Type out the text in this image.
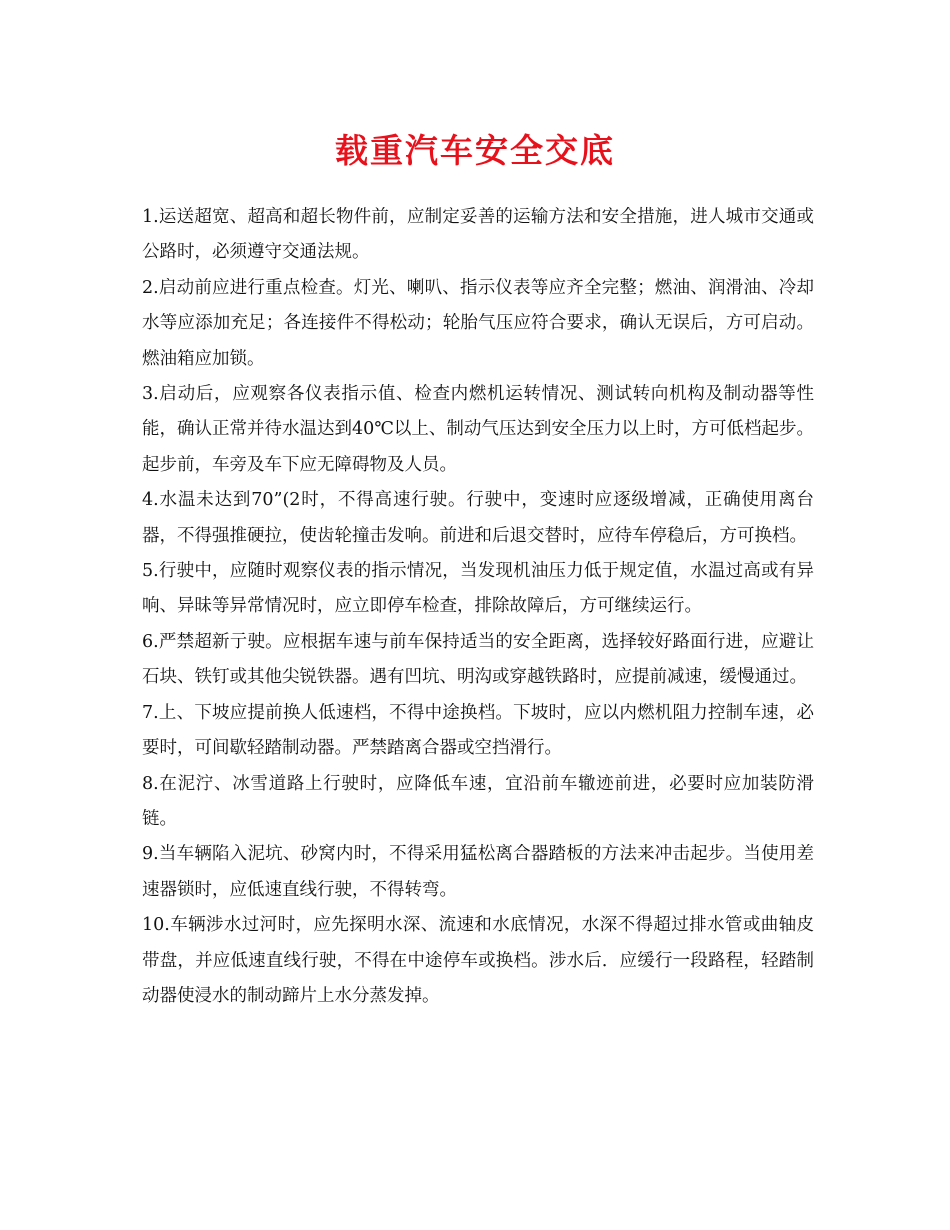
载重汽车安全交底

1.运送超宽、超高和超长物件前，应制定妥善的运输方法和安全措施，进人城市交通或公路时，必须遵守交通法规。

2.启动前应进行重点检查。灯光、喇叭、指示仪表等应齐全完整；燃油、润滑油、冷却水等应添加充足；各连接件不得松动；轮胎气压应符合要求，确认无误后，方可启动。燃油箱应加锁。

3.启动后，应观察各仪表指示值、检查内燃机运转情况、测试转向机构及制动器等性能，确认正常并待水温达到40℃以上、制动气压达到安全压力以上时，方可低档起步。起步前，车旁及车下应无障碍物及人员。

4.水温未达到70”(2时，不得高速行驶。行驶中，变速时应逐级增减，正确使用离台器，不得强推硬拉，使齿轮撞击发响。前进和后退交替时，应待车停稳后，方可换档。

5.行驶中，应随时观察仪表的指示情况，当发现机油压力低于规定值，水温过高或有异响、异昧等异常情况时，应立即停车检查，排除故障后，方可继续运行。

6.严禁超新亍驶。应根据车速与前车保持适当的安全距离，选择较好路面行进，应避让石块、铁钉或其他尖锐铁器。遇有凹坑、明沟或穿越铁路时，应提前减速，缓慢通过。

7.上、下坡应提前换人低速档，不得中途换档。下坡时，应以内燃机阻力控制车速，必要时，可间歇轻踏制动器。严禁踏离合器或空挡滑行。

8.在泥泞、冰雪道路上行驶时，应降低车速，宜沿前车辙迹前进，必要时应加装防滑链。

9.当车辆陷入泥坑、砂窝内时，不得采用猛松离合器踏板的方法来冲击起步。当使用差速器锁时，应低速直线行驶，不得转弯。

10.车辆涉水过河时，应先探明水深、流速和水底情况，水深不得超过排水管或曲轴皮带盘，并应低速直线行驶，不得在中途停车或换档。涉水后．应缓行一段路程，轻踏制动器使浸水的制动蹄片上水分蒸发掉。
